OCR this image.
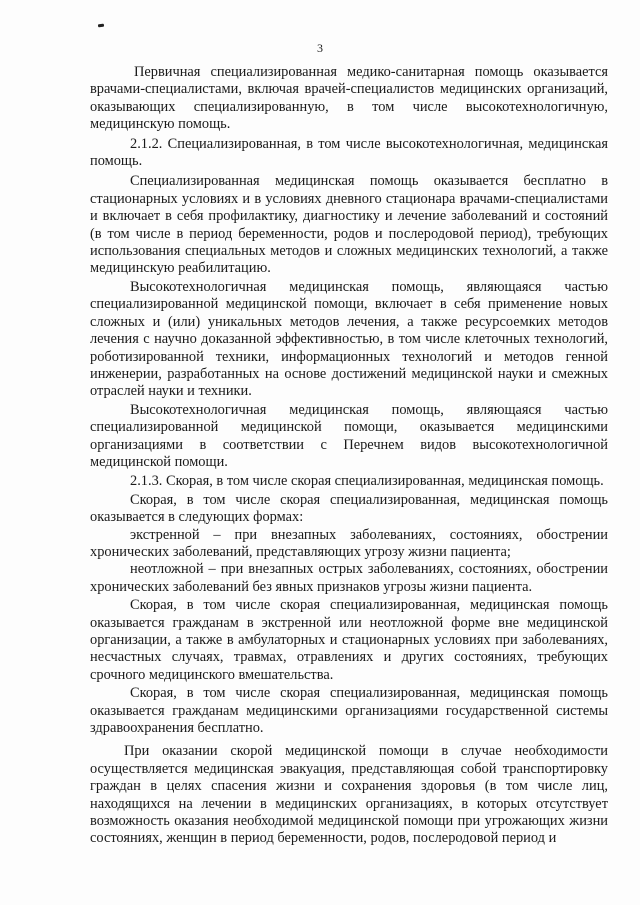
3

Первичная специализированная медико-санитарная помощь оказывается врачами-специалистами, включая врачей-специалистов медицинских организаций, оказывающих специализированную, в том числе высокотехнологичную, медицинскую помощь.

2.1.2. Специализированная, в том числе высокотехнологичная, медицинская помощь.

Специализированная медицинская помощь оказывается бесплатно в стационарных условиях и в условиях дневного стационара врачами-специалистами и включает в себя профилактику, диагностику и лечение заболеваний и состояний (в том числе в период беременности, родов и послеродовой период), требующих использования специальных методов и сложных медицинских технологий, а также медицинскую реабилитацию.

Высокотехнологичная медицинская помощь, являющаяся частью специализированной медицинской помощи, включает в себя применение новых сложных и (или) уникальных методов лечения, а также ресурсоемких методов лечения с научно доказанной эффективностью, в том числе клеточных технологий, роботизированной техники, информационных технологий и методов генной инженерии, разработанных на основе достижений медицинской науки и смежных отраслей науки и техники.

Высокотехнологичная медицинская помощь, являющаяся частью специализированной медицинской помощи, оказывается медицинскими организациями в соответствии с Перечнем видов высокотехнологичной медицинской помощи.

2.1.3. Скорая, в том числе скорая специализированная, медицинская помощь.

Скорая, в том числе скорая специализированная, медицинская помощь оказывается в следующих формах:

экстренной – при внезапных заболеваниях, состояниях, обострении хронических заболеваний, представляющих угрозу жизни пациента;

неотложной – при внезапных острых заболеваниях, состояниях, обострении хронических заболеваний без явных признаков угрозы жизни пациента.

Скорая, в том числе скорая специализированная, медицинская помощь оказывается гражданам в экстренной или неотложной форме вне медицинской организации, а также в амбулаторных и стационарных условиях при заболеваниях, несчастных случаях, травмах, отравлениях и других состояниях, требующих срочного медицинского вмешательства.

Скорая, в том числе скорая специализированная, медицинская помощь оказывается гражданам медицинскими организациями государственной системы здравоохранения бесплатно.

При оказании скорой медицинской помощи в случае необходимости осуществляется медицинская эвакуация, представляющая собой транспортировку граждан в целях спасения жизни и сохранения здоровья (в том числе лиц, находящихся на лечении в медицинских организациях, в которых отсутствует возможность оказания необходимой медицинской помощи при угрожающих жизни состояниях, женщин в период беременности, родов, послеродовой период и
